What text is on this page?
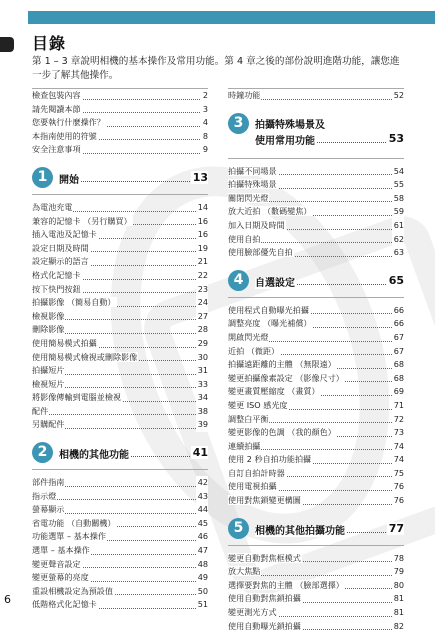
目錄
第 1 – 3 章說明相機的基本操作及常用功能。第 4 章之後的部份說明進階功能，讓您進一步了解其他操作。
檢查包裝內容	2
請先閱讀本節	3
您要執行什麼操作？	4
本指南使用的符號	8
安全注意事項	9
1	開始	13
為電池充電	14
兼容的記憶卡 （另行購買）	16
插入電池及記憶卡	16
設定日期及時間	19
設定顯示的語言	21
格式化記憶卡	22
按下快門按鈕	23
拍攝影像 （簡易自動）	24
檢視影像	27
刪除影像	28
使用簡易模式拍攝	29
使用簡易模式檢視或刪除影像	30
拍攝短片	31
檢視短片	33
將影像傳輸到電腦並檢視	34
配件	38
另購配件	39
2	相機的其他功能	41
部件指南	42
指示燈	43
螢幕顯示	44
省電功能 （自動關機）	45
功能選單 – 基本操作	46
選單 – 基本操作	47
變更聲音設定	48
變更螢幕的亮度	49
重設相機設定為預設值	50
低階格式化記憶卡	51
時鐘功能	52
3	拍攝特殊場景及
使用常用功能	53
拍攝不同場景	54
拍攝特殊場景	55
關閉閃光燈	58
放大近拍 （數碼變焦）	59
加入日期及時間	61
使用自拍	62
使用臉部優先自拍	63
4	自選設定	65
使用程式自動曝光拍攝	66
調整亮度 （曝光補償）	66
開啟閃光燈	67
近拍 （微距）	67
拍攝遠距離的主體 （無限遠）	68
變更拍攝像素設定 （影像尺寸）	68
變更畫質壓縮度 （畫質）	69
變更 ISO 感光度	71
調整白平衡	72
變更影像的色調 （我的顏色）	73
連續拍攝	74
使用 2 秒自拍功能拍攝	74
自訂自拍計時器	75
使用電視拍攝	76
使用對焦鎖變更構圖	76
5	相機的其他拍攝功能	77
變更自動對焦框模式	78
放大焦點	79
選擇要對焦的主體 （臉部選擇）	80
使用自動對焦鎖拍攝	81
變更測光方式	81
使用自動曝光鎖拍攝	82
6
